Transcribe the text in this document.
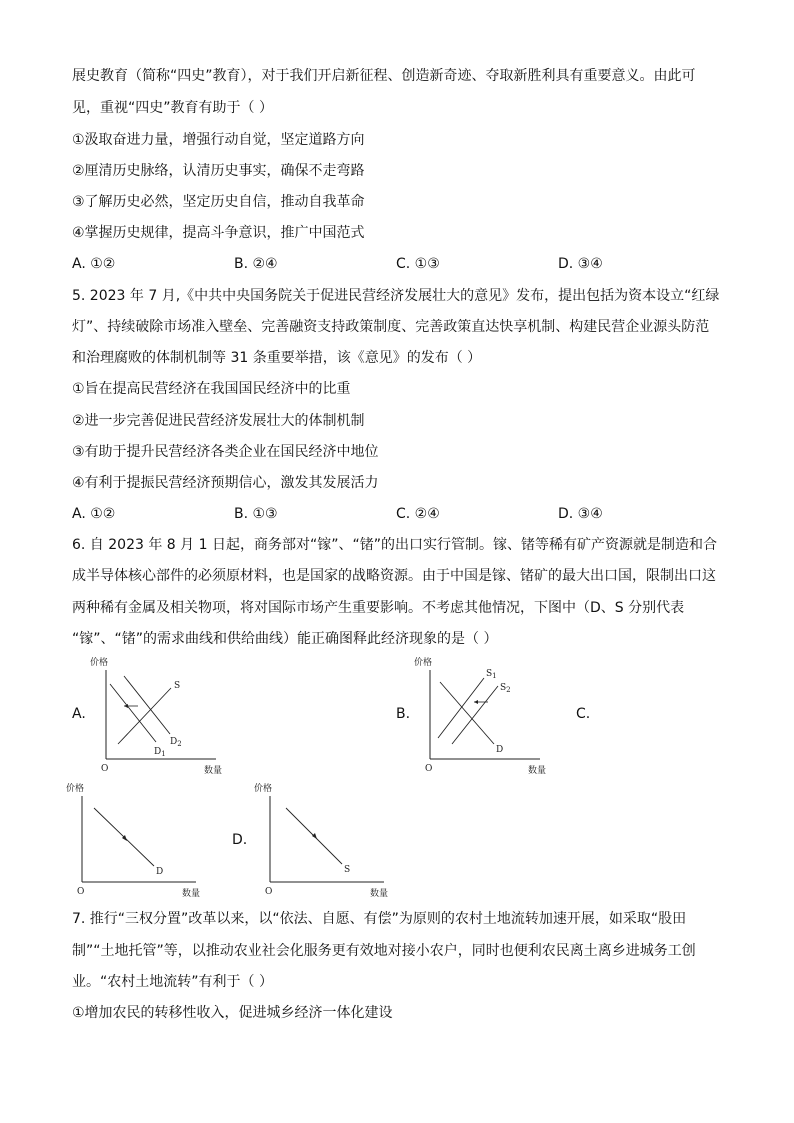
展史教育（简称“四史”教育），对于我们开启新征程、创造新奇迹、夺取新胜利具有重要意义。由此可
见，重视“四史”教育有助于（ ）
①汲取奋进力量，增强行动自觉，坚定道路方向
②厘清历史脉络，认清历史事实，确保不走弯路
③了解历史必然，坚定历史自信，推动自我革命
④掌握历史规律，提高斗争意识，推广中国范式
A. ①②	B. ②④	C. ①③	D. ③④
5. 2023 年 7 月,《中共中央国务院关于促进民营经济发展壮大的意见》发布，提出包括为资本设立“红绿
灯”、持续破除市场准入壁垒、完善融资支持政策制度、完善政策直达快享机制、构建民营企业源头防范
和治理腐败的体制机制等 31 条重要举措，该《意见》的发布（ ）
①旨在提高民营经济在我国国民经济中的比重
②进一步完善促进民营经济发展壮大的体制机制
③有助于提升民营经济各类企业在国民经济中地位
④有利于提振民营经济预期信心，激发其发展活力
A. ①②	B. ①③	C. ②④	D. ③④
6. 自 2023 年 8 月 1 日起，商务部对“镓”、“锗”的出口实行管制。镓、锗等稀有矿产资源就是制造和合
成半导体核心部件的必须原材料，也是国家的战略资源。由于中国是镓、锗矿的最大出口国，限制出口这
两种稀有金属及相关物项，将对国际市场产生重要影响。不考虑其他情况，下图中（D、S 分别代表
“镓”、“锗”的需求曲线和供给曲线）能正确图释此经济现象的是（ ）
A.	B.	C.
D.
价格
O	数量
S
$D_1$
$D_2$
价格
O	数量
$S_1$
$S_2$
D
价格
O	数量
D
价格
O	数量
S
7. 推行“三权分置”改革以来，以“依法、自愿、有偿”为原则的农村土地流转加速开展，如采取“股田
制”“土地托管”等，以推动农业社会化服务更有效地对接小农户，同时也便利农民离土离乡进城务工创
业。“农村土地流转”有利于（ ）
①增加农民的转移性收入，促进城乡经济一体化建设
